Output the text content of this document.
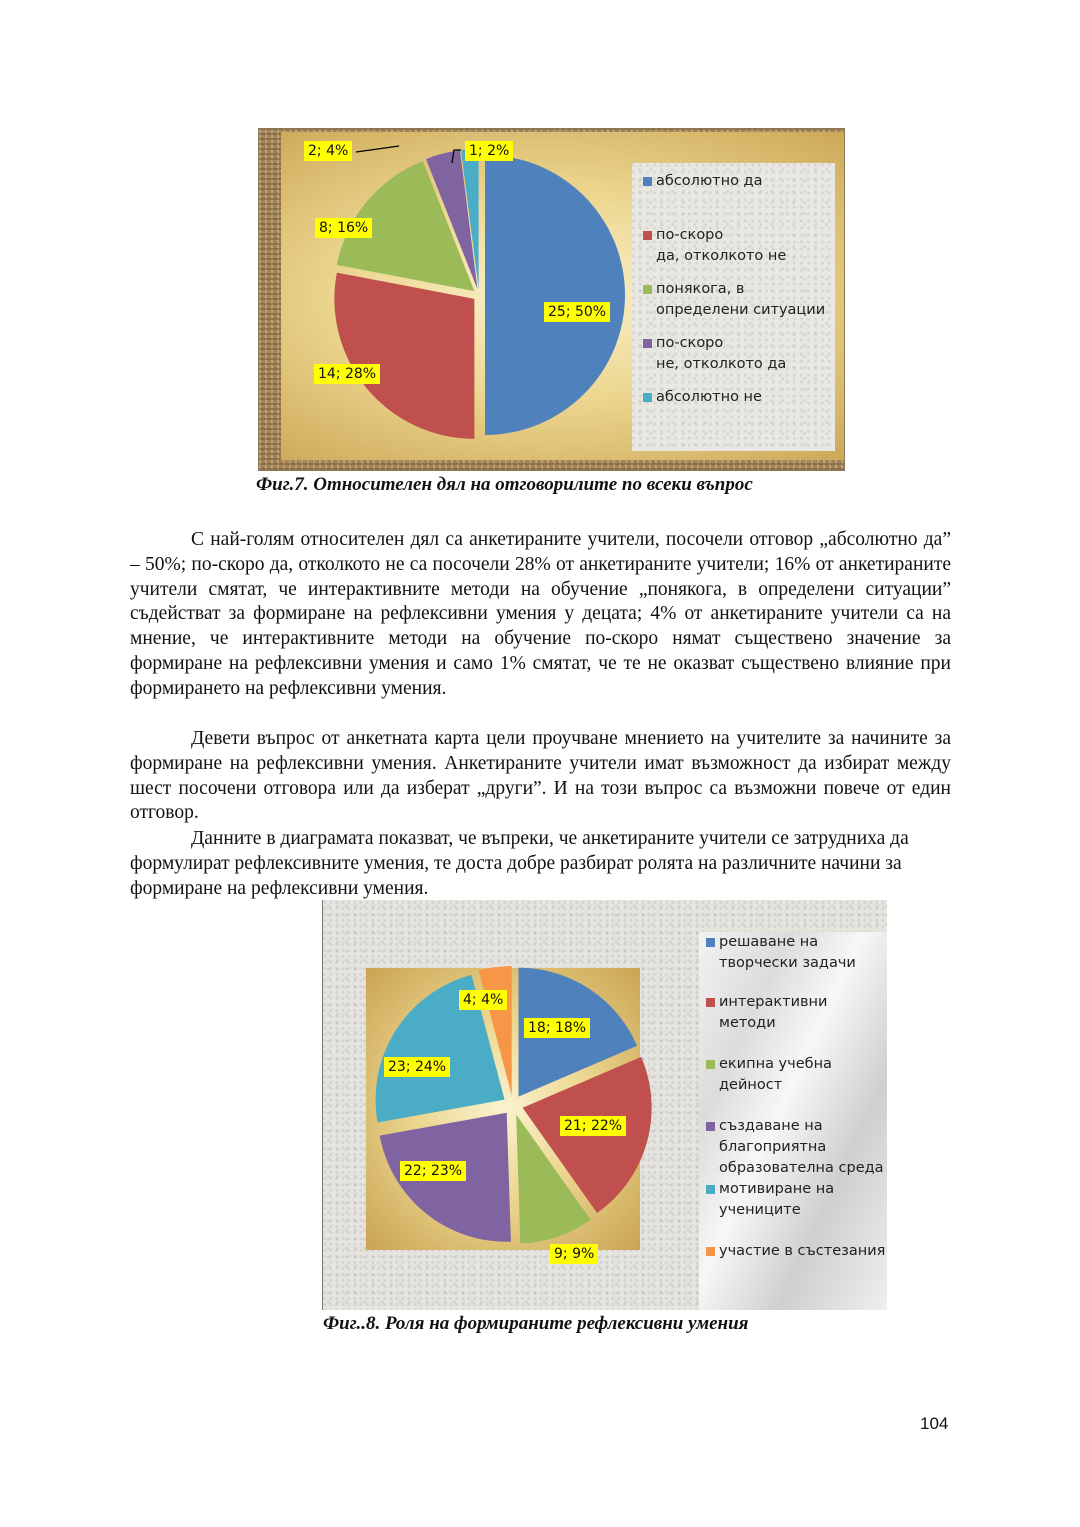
25; 50%
14; 28%
8; 16%
2; 4%	1; 2%
абсолютно да
по-скоро
да, отколкото не
понякога, в
определени ситуации
по-скоро
не, отколкото да
абсолютно не
Фиг.7. Относителен дял на отговорилите по всеки въпрос

С най-голям относителен дял са анкетираните учители, посочели отговор „абсолютно да” – 50%; по-скоро да, отколкото не са посочели 28% от анкетираните учители; 16% от анкетираните учители смятат, че интерактивните методи на обучение „понякога, в определени ситуации” съдействат за формиране на рефлексивни умения у децата; 4% от анкетираните учители са на мнение, че интерактивните методи на обучение по-скоро нямат съществено значение за формиране на рефлексивни умения и само 1% смятат, че те не оказват съществено влияние при формирането на рефлексивни умения.

Девети въпрос от анкетната карта цели проучване мнението на учителите за начините за формиране на рефлексивни умения. Анкетираните учители имат възможност да избират между шест посочени отговора или да изберат „други”. И на този въпрос са възможни повече от един отговор.

Данните в диаграмата показват, че въпреки, че анкетираните учители се затрудниха да формулират рефлексивните умения, те доста добре разбират ролята на различните начини за формиране на рефлексивни умения.

18; 18%
21; 22%
9; 9%
22; 23%
23; 24%
4; 4%
решаване на
творчески задачи
интерактивни
методи
екипна учебна
дейност
създаване на
благоприятна
образователна среда
мотивиране на
учениците
участие в състезания
Фиг..8. Роля на формираните рефлексивни умения
104
